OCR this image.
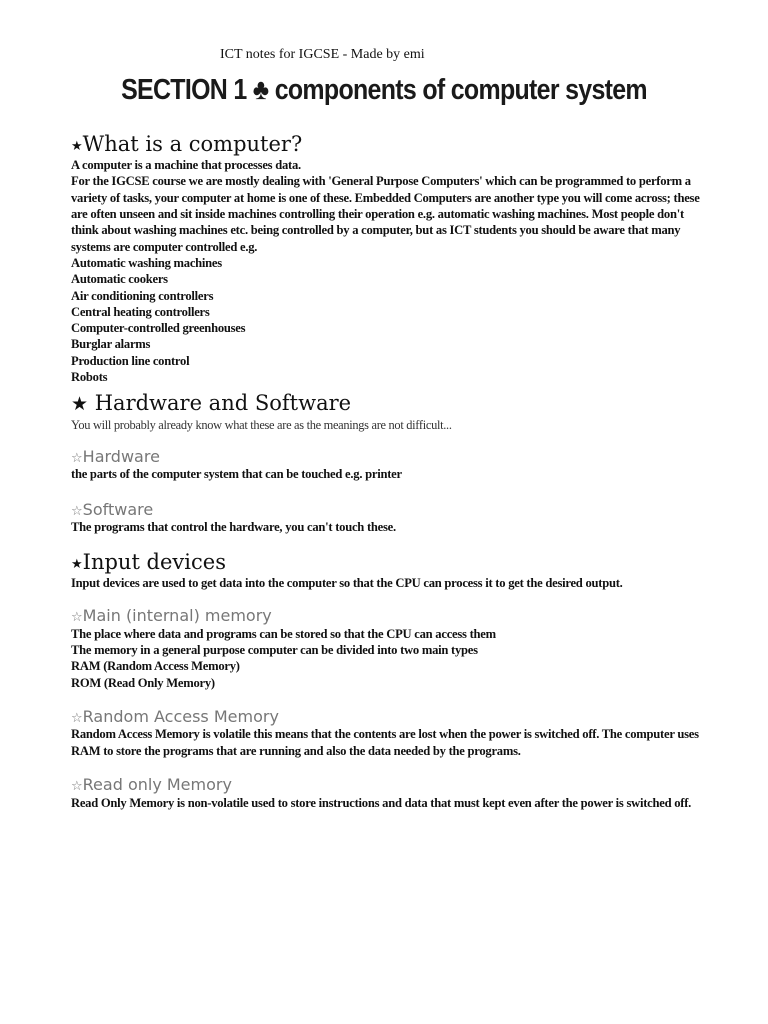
ICT notes for IGCSE - Made by emi
SECTION 1 ♣ components of computer system
★What is a computer?

A computer is a machine that processes data.

For the IGCSE course we are mostly dealing with 'General Purpose Computers' which can be programmed to perform a variety of tasks, your computer at home is one of these. Embedded Computers are another type you will come across; these are often unseen and sit inside machines controlling their operation e.g. automatic washing machines. Most people don't think about washing machines etc. being controlled by a computer, but as ICT students you should be aware that many systems are computer controlled e.g.

Automatic washing machines
Automatic cookers
Air conditioning controllers
Central heating controllers
Computer-controlled greenhouses
Burglar alarms
Production line control
Robots
★ Hardware and Software

You will probably already know what these are as the meanings are not difficult...

☆Hardware

the parts of the computer system that can be touched e.g. printer

☆Software

The programs that control the hardware, you can't touch these.

★Input devices

Input devices are used to get data into the computer so that the CPU can process it to get the desired output.

☆Main (internal) memory

The place where data and programs can be stored so that the CPU can access them

The memory in a general purpose computer can be divided into two main types

RAM (Random Access Memory)

ROM (Read Only Memory)

☆Random Access Memory

Random Access Memory is volatile this means that the contents are lost when the power is switched off. The computer uses RAM to store the programs that are running and also the data needed by the programs.

☆Read only Memory

Read Only Memory is non-volatile used to store instructions and data that must kept even after the power is switched off.
